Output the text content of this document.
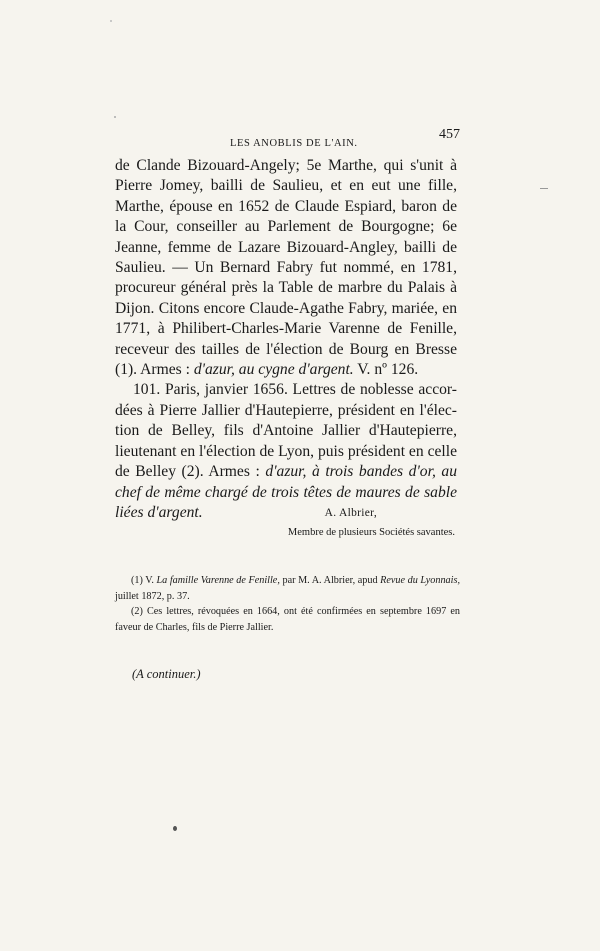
457
LES ANOBLIS DE L'AIN.

de Clande Bizouard-Angely; 5e Marthe, qui s'unit à Pierre Jomey, bailli de Saulieu, et en eut une fille, Marthe, épouse en 1652 de Claude Espiard, baron de la Cour, conseiller au Parlement de Bourgogne; 6e Jeanne, femme de Lazare Bizouard-Angley, bailli de Saulieu. — Un Bernard Fabry fut nommé, en 1781, procureur général près la Table de marbre du Palais à Dijon. Citons encore Claude-Agathe Fabry, mariée, en 1771, à Philibert-Charles-Marie Varenne de Fenille, receveur des tailles de l'élection de Bourg en Bresse (1). Armes : d'azur, au cygne d'argent. V. nº 126.

101. Paris, janvier 1656. Lettres de noblesse accor- dées à Pierre Jallier d'Hautepierre, président en l'élec- tion de Belley, fils d'Antoine Jallier d'Hautepierre, lieutenant en l'élection de Lyon, puis président en celle de Belley (2). Armes : d'azur, à trois bandes d'or, au chef de même chargé de trois têtes de maures de sable liées d'argent.	A. Albrier,
Membre de plusieurs Sociétés savantes.

(1) V. La famille Varenne de Fenille, par M. A. Albrier, apud Revue du Lyonnais, juillet 1872, p. 37.

(2) Ces lettres, révoquées en 1664, ont été confirmées en septembre 1697 en faveur de Charles, fils de Pierre Jallier.

(A continuer.)
